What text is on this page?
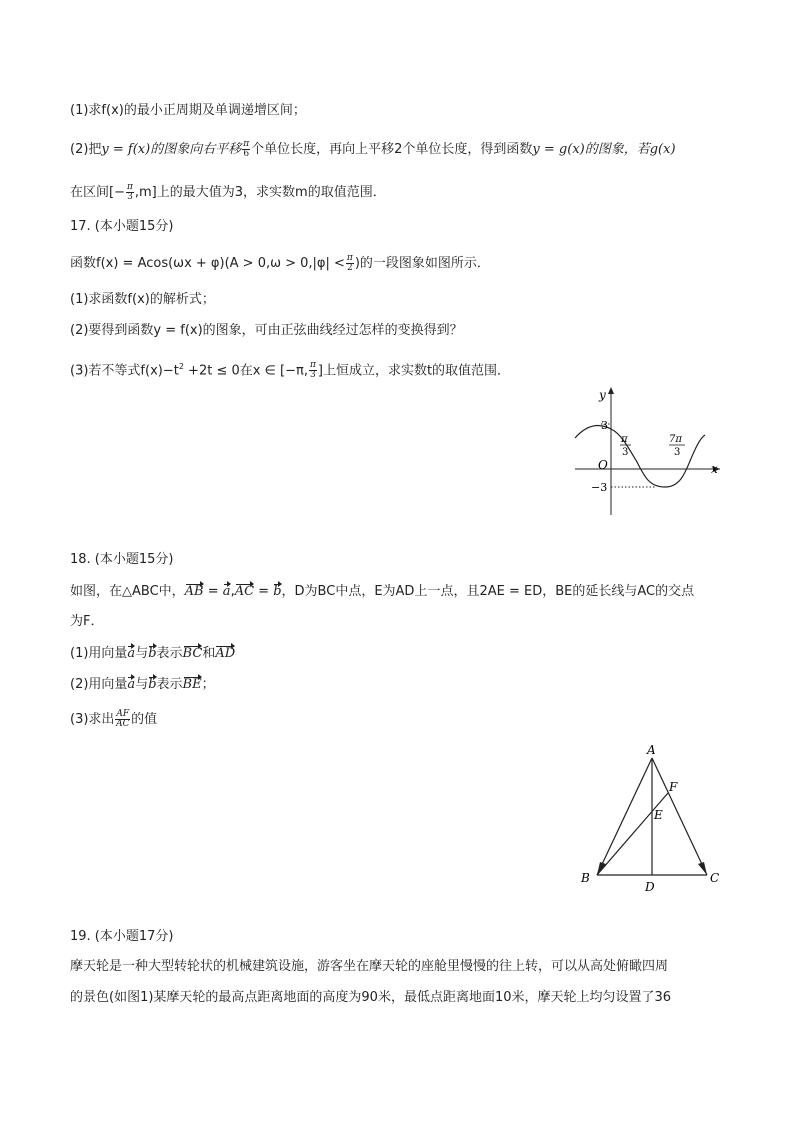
(1)求f(x)的最小正周期及单调递增区间；
(2)把y = f(x)的图象向右平移 $\frac{\pi}{6}$ 个单位长度，再向上平移2个单位长度，得到函数y = g(x)的图象，若g(x)
在区间[− $\frac{\pi}{3} ,m$]上的最大值为3，求实数m的取值范围．
17. (本小题15分)
函数$f(x) = Acos(\omega x + \varphi)(A > 0,\omega > 0,|\varphi| < \frac{\pi}{2}$ )的一段图象如图所示．
(1)求函数f(x)的解析式；
(2)要得到函数y = f(x)的图象，可由正弦曲线经过怎样的变换得到？
(3)若不等式$f(x)-t^2 +2t \le 0$在x ∈ [−π, $\frac{\pi}{3}$ ]上恒成立，求实数t的取值范围．
y
x
O
3
−3
π
3
7π
3
18. (本小题15分)
如图，在△ABC中，AB = a,AC = b，D为BC中点，E为AD上一点，且2AE = ED，BE的延长线与AC的交点
为F．
(1)用向量a与b表示BC和AD
(2)用向量a与b表示BE；
(3)求出 $\frac{AF}{AC}$ 的值
A
B	C
D
E
F
19. (本小题17分)
摩天轮是一种大型转轮状的机械建筑设施，游客坐在摩天轮的座舱里慢慢的往上转，可以从高处俯瞰四周
的景色(如图1)某摩天轮的最高点距离地面的高度为90米，最低点距离地面10米，摩天轮上均匀设置了36
